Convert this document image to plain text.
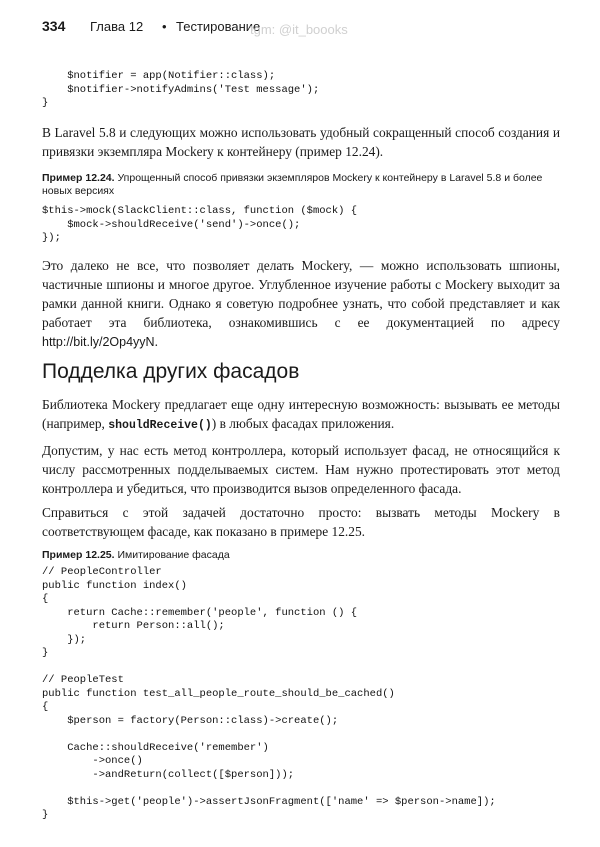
334 Глава 12 • Тестирование
tgm: @it_boooks
$notifier = app(Notifier::class);
$notifier->notifyAdmins('Test message');
}

В Laravel 5.8 и следующих можно использовать удобный сокращенный способ создания и привязки экземпляра Mockery к контейнеру (пример 12.24).

Пример 12.24. Упрощенный способ привязки экземпляров Mockery к контейнеру в Laravel 5.8 и более новых версиях

$this->mock(SlackClient::class, function ($mock) {
$mock->shouldReceive('send')->once();
});

Это далеко не все, что позволяет делать Mockery, — можно использовать шпионы, частичные шпионы и многое другое. Углубленное изучение работы с Mockery выходит за рамки данной книги. Однако я советую подробнее узнать, что собой представляет и как работает эта библиотека, ознакомившись с ее документацией по адресу http://bit.ly/2Op4yyN.

Подделка других фасадов

Библиотека Mockery предлагает еще одну интересную возможность: вызывать ее методы (например, shouldReceive()) в любых фасадах приложения.

Допустим, у нас есть метод контроллера, который использует фасад, не относящийся к числу рассмотренных подделываемых систем. Нам нужно протестировать этот метод контроллера и убедиться, что производится вызов определенного фасада.

Справиться с этой задачей достаточно просто: вызвать методы Mockery в соответствующем фасаде, как показано в примере 12.25.

Пример 12.25. Имитирование фасада

// PeopleController
public function index()
{
return Cache::remember('people', function () {
return Person::all();
});
}

// PeopleTest
public function test_all_people_route_should_be_cached()
{
$person = factory(Person::class)->create();

Cache::shouldReceive('remember')
->once()
->andReturn(collect([$person]));

$this->get('people')->assertJsonFragment(['name' => $person->name]);
}
